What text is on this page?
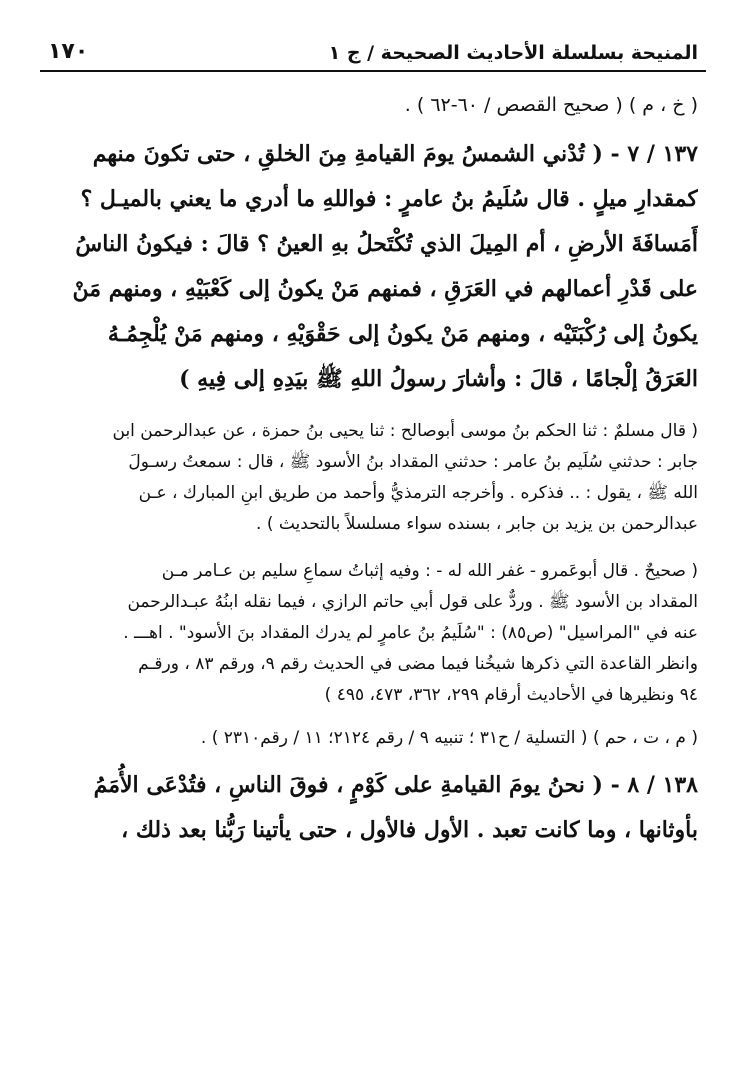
المنيحة بسلسلة الأحاديث الصحيحة / ج ١
١٧٠
( خ ، م ) ( صحيح القصص / ٦٠-٦٢ ) .
١٣٧ / ٧ - ( تُدْني الشمسُ يومَ القيامةِ مِنَ الخلقِ ، حتى تكونَ منهم
كمقدارِ ميلٍ . قال سُلَيمُ بنُ عامرٍ : فواللهِ ما أدري ما يعني بالميـل ؟
أَمَسافَةَ الأرضِ ، أم المِيلَ الذي تُكْتَحلُ بهِ العينُ ؟ قالَ : فيكونُ الناسُ
على قَدْرِ أعمالهم في العَرَقِ ، فمنهم مَنْ يكونُ إلى كَعْبَيْهِ ، ومنهم مَنْ
يكونُ إلى رُكْبَتَيْه ، ومنهم مَنْ يكونُ إلى حَقْوَيْهِ ، ومنهم مَنْ يُلْجِمُـهُ
العَرَقُ إلْجامًا ، قالَ : وأشارَ رسولُ اللهِ ﷺ بيَدِهِ إلى فِيهِ )
( قال مسلمٌ : ثنا الحكم بنُ موسى أبوصالح : ثنا يحيى بنُ حمزة ، عن عبدالرحمن ابن
جابر : حدثني سُلَيم بنُ عامر : حدثني المقداد بنُ الأسود ﷺ ، قال : سمعتُ رسـولَ
الله ﷺ ، يقول : .. فذكره . وأخرجه الترمذيُّ وأحمد من طريق ابنِ المبارك ، عـن
عبدالرحمن بن يزيد بن جابر ، بسنده سواء مسلسلاً بالتحديث ) .
( صحيحٌ . قال أبوعَمرو - غفر الله له - : وفيه إثباتُ سماعِ سليم بن عـامر مـن
المقداد بن الأسود ﷺ . وردٌّ على قول أبي حاتم الرازي ، فيما نقله ابنُهُ عبـدالرحمن
عنه في "المراسيل" (ص٨٥) : "سُلَيمُ بنُ عامرٍ لم يدرك المقداد بنَ الأسود" . اهـــ .
وانظر القاعدة التي ذكرها شيخُنا فيما مضى في الحديث رقم ٩، ورقم ٨٣ ، ورقـم
٩٤ ونظيرها في الأحاديث أرقام ٢٩٩، ٣٦٢، ٤٧٣، ٤٩٥ )
( م ، ت ، حم ) ( التسلية / ح٣١ ؛ تنبيه ٩ / رقم ٢١٢٤؛ ١١ / رقم٢٣١٠ ) .
١٣٨ / ٨ - ( نحنُ يومَ القيامةِ على كَوْمٍ ، فوقَ الناسِ ، فتُدْعَى الأُمَمُ
بأوثانها ، وما كانت تعبد . الأول فالأول ، حتى يأتينا رَبُّنا بعد ذلك ،
